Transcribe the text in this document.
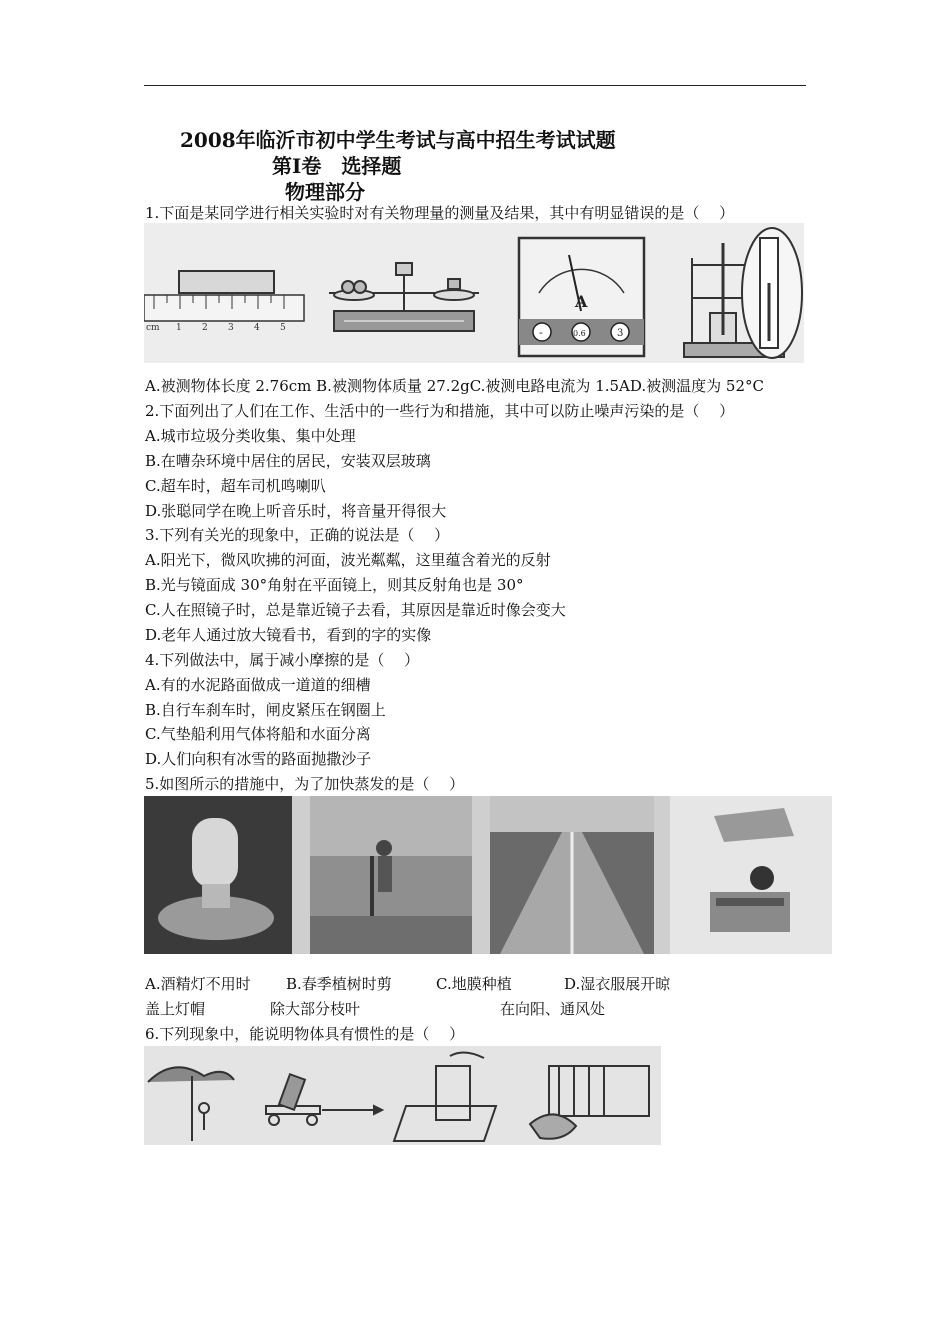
2008年临沂市初中学生考试与高中招生考试试题
第Ⅰ卷　选择题
物理部分
1.下面是某同学进行相关实验时对有关物理量的测量及结果，其中有明显错误的是（　 ）
cm 1 2 3 4 5
A
-	0.6	3
A.被测物体长度 2.76cm B.被测物体质量 27.2gC.被测电路电流为 1.5AD.被测温度为 52°C
2.下面列出了人们在工作、生活中的一些行为和措施，其中可以防止噪声污染的是（　 ）
A.城市垃圾分类收集、集中处理
B.在嘈杂环境中居住的居民，安装双层玻璃
C.超车时，超车司机鸣喇叭
D.张聪同学在晚上听音乐时，将音量开得很大
3.下列有关光的现象中，正确的说法是（　 ）
A.阳光下，微风吹拂的河面，波光粼粼，这里蕴含着光的反射
B.光与镜面成 30°角射在平面镜上，则其反射角也是 30°
C.人在照镜子时，总是靠近镜子去看，其原因是靠近时像会变大
D.老年人通过放大镜看书，看到的字的实像
4.下列做法中，属于减小摩擦的是（　 ）
A.有的水泥路面做成一道道的细槽
B.自行车刹车时，闸皮紧压在钢圈上
C.气垫船利用气体将船和水面分离
D.人们向积有冰雪的路面抛撒沙子
5.如图所示的措施中，为了加快蒸发的是（　 ）
A.酒精灯不用时
盖上灯帽
B.春季植树时剪
除大部分枝叶
C.地膜种植	D.湿衣服展开晾
在向阳、通风处
6.下列现象中，能说明物体具有惯性的是（　 ）
